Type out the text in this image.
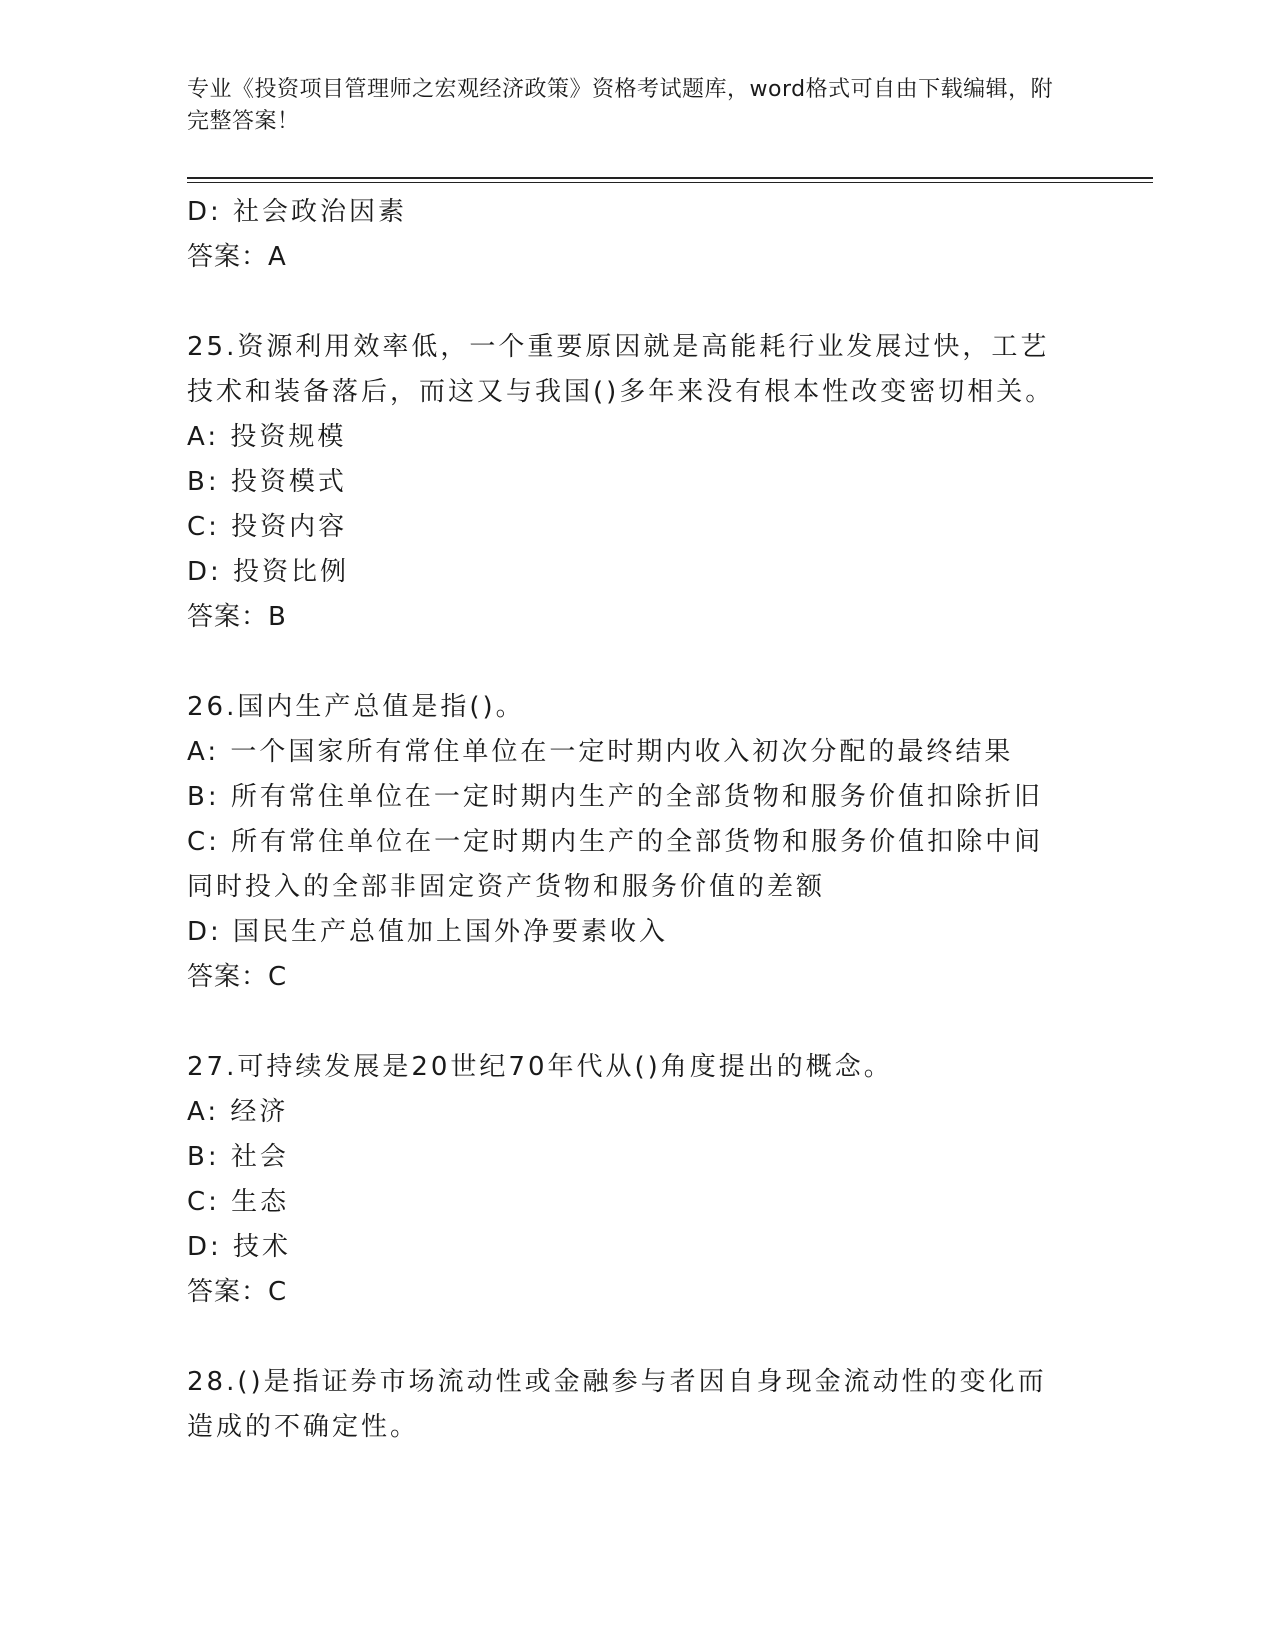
专业《投资项目管理师之宏观经济政策》资格考试题库，word格式可自由下载编辑，附完整答案！
D: 社会政治因素
答案：A
25.资源利用效率低，一个重要原因就是高能耗行业发展过快，工艺技术和装备落后，而这又与我国()多年来没有根本性改变密切相关。
A: 投资规模
B: 投资模式
C: 投资内容
D: 投资比例
答案：B
26.国内生产总值是指()。
A: 一个国家所有常住单位在一定时期内收入初次分配的最终结果
B: 所有常住单位在一定时期内生产的全部货物和服务价值扣除折旧
C: 所有常住单位在一定时期内生产的全部货物和服务价值扣除中间同时投入的全部非固定资产货物和服务价值的差额
D: 国民生产总值加上国外净要素收入
答案：C
27.可持续发展是20世纪70年代从()角度提出的概念。
A: 经济
B: 社会
C: 生态
D: 技术
答案：C
28.()是指证券市场流动性或金融参与者因自身现金流动性的变化而造成的不确定性。
